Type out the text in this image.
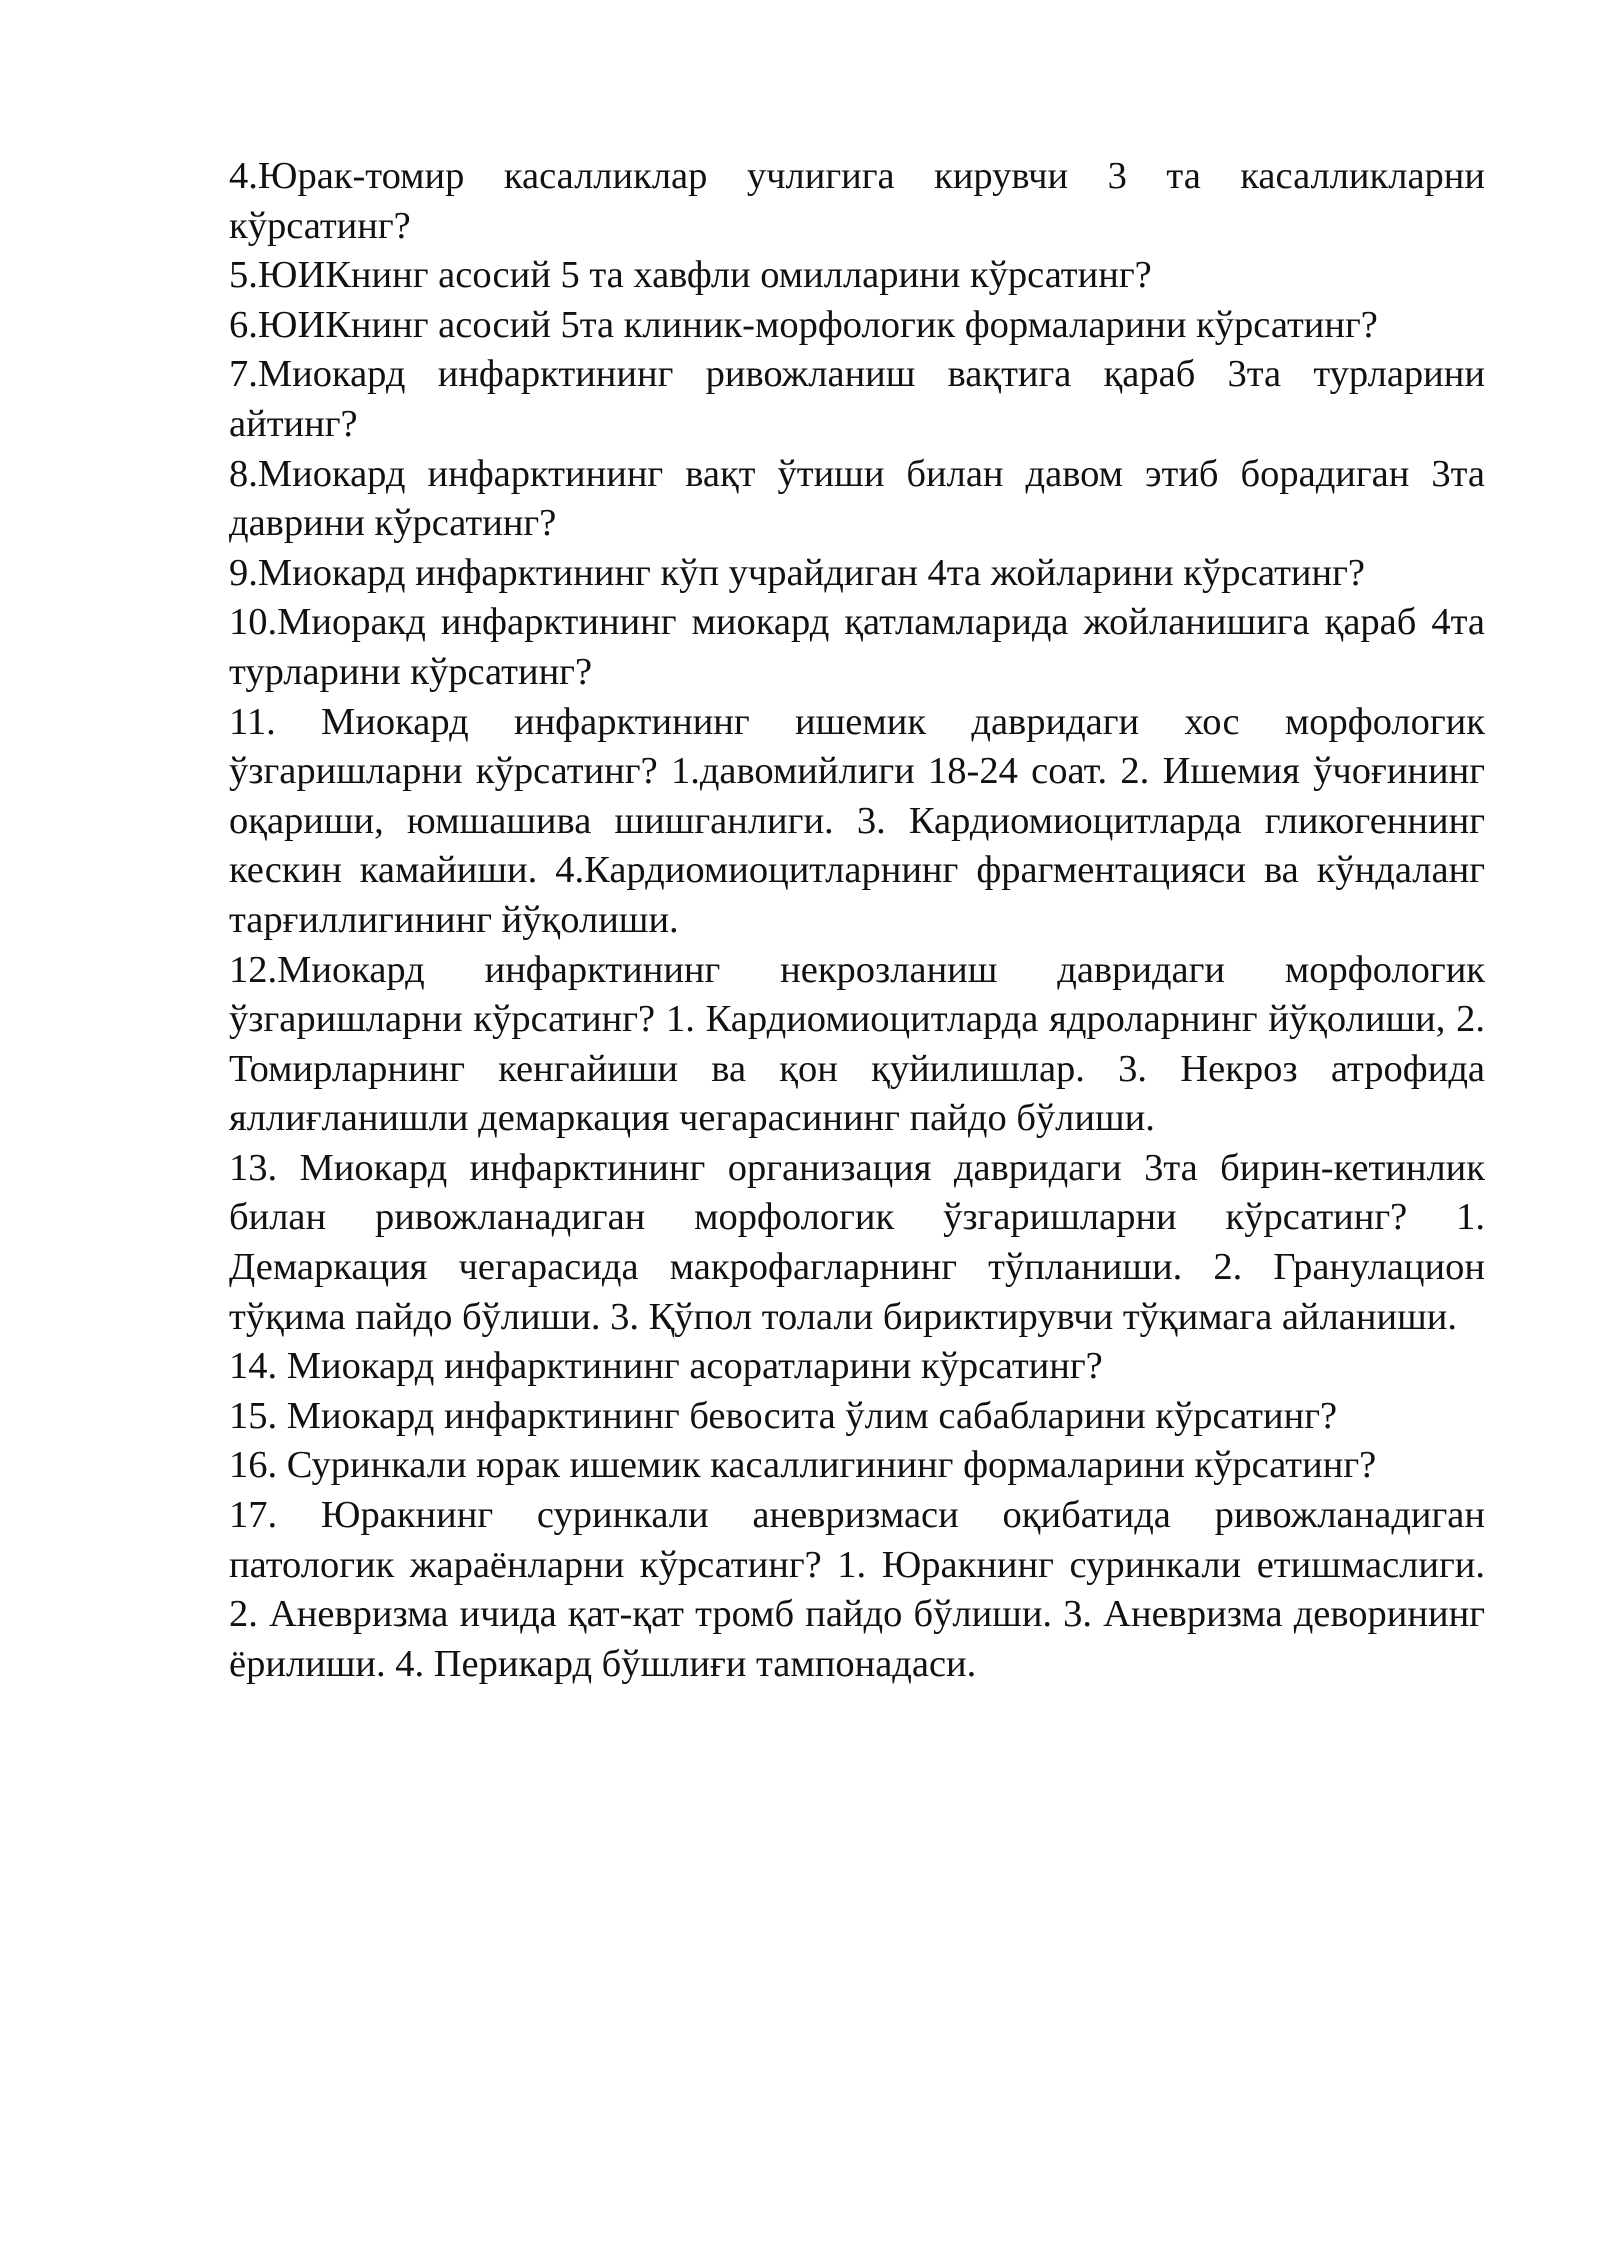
4.Юрак-томир касалликлар учлигига кирувчи 3 та касалликларни кўрсатинг?

5.ЮИКнинг асосий 5 та хавфли омилларини кўрсатинг?

6.ЮИКнинг асосий 5та клиник-морфологик формаларини кўрсатинг?

7.Миокард инфарктининг ривожланиш вақтига қараб 3та турларини айтинг?

8.Миокард инфарктининг вақт ўтиши билан давом этиб борадиган 3та даврини кўрсатинг?

9.Миокард инфарктининг кўп учрайдиган 4та жойларини кўрсатинг?

10.Миоракд инфарктининг миокард қатламларида жойланишига қараб 4та турларини кўрсатинг?

11. Миокард инфарктининг ишемик давридаги хос морфологик ўзгаришларни кўрсатинг? 1.давомийлиги 18-24 соат. 2. Ишемия ўчоғининг оқариши, юмшашива шишганлиги. 3. Кардиомиоцитларда гликогеннинг кескин камайиши. 4.Кардиомиоцитларнинг фрагментацияси ва кўндаланг тарғиллигининг йўқолиши.

12.Миокард инфарктининг некрозланиш давридаги морфологик ўзгаришларни кўрсатинг? 1. Кардиомиоцитларда ядроларнинг йўқолиши, 2. Томирларнинг кенгайиши ва қон қуйилишлар. 3. Некроз атрофида яллиғланишли демаркация чегарасининг пайдо бўлиши.

13. Миокард инфарктининг организация давридаги 3та бирин-кетинлик билан ривожланадиган морфологик ўзгаришларни кўрсатинг? 1. Демаркация чегарасида макрофагларнинг тўпланиши. 2. Гранулацион тўқима пайдо бўлиши. 3. Қўпол толали бириктирувчи тўқимага айланиши.

14. Миокард инфарктининг асоратларини кўрсатинг?

15. Миокард инфарктининг бевосита ўлим сабабларини кўрсатинг?

16. Суринкали юрак ишемик касаллигининг формаларини кўрсатинг?

17. Юракнинг суринкали аневризмаси оқибатида ривожланадиган патологик жараёнларни кўрсатинг? 1. Юракнинг суринкали етишмаслиги. 2. Аневризма ичида қат-қат тромб пайдо бўлиши. 3. Аневризма деворининг ёрилиши. 4. Перикард бўшлиғи тампонадаси.
